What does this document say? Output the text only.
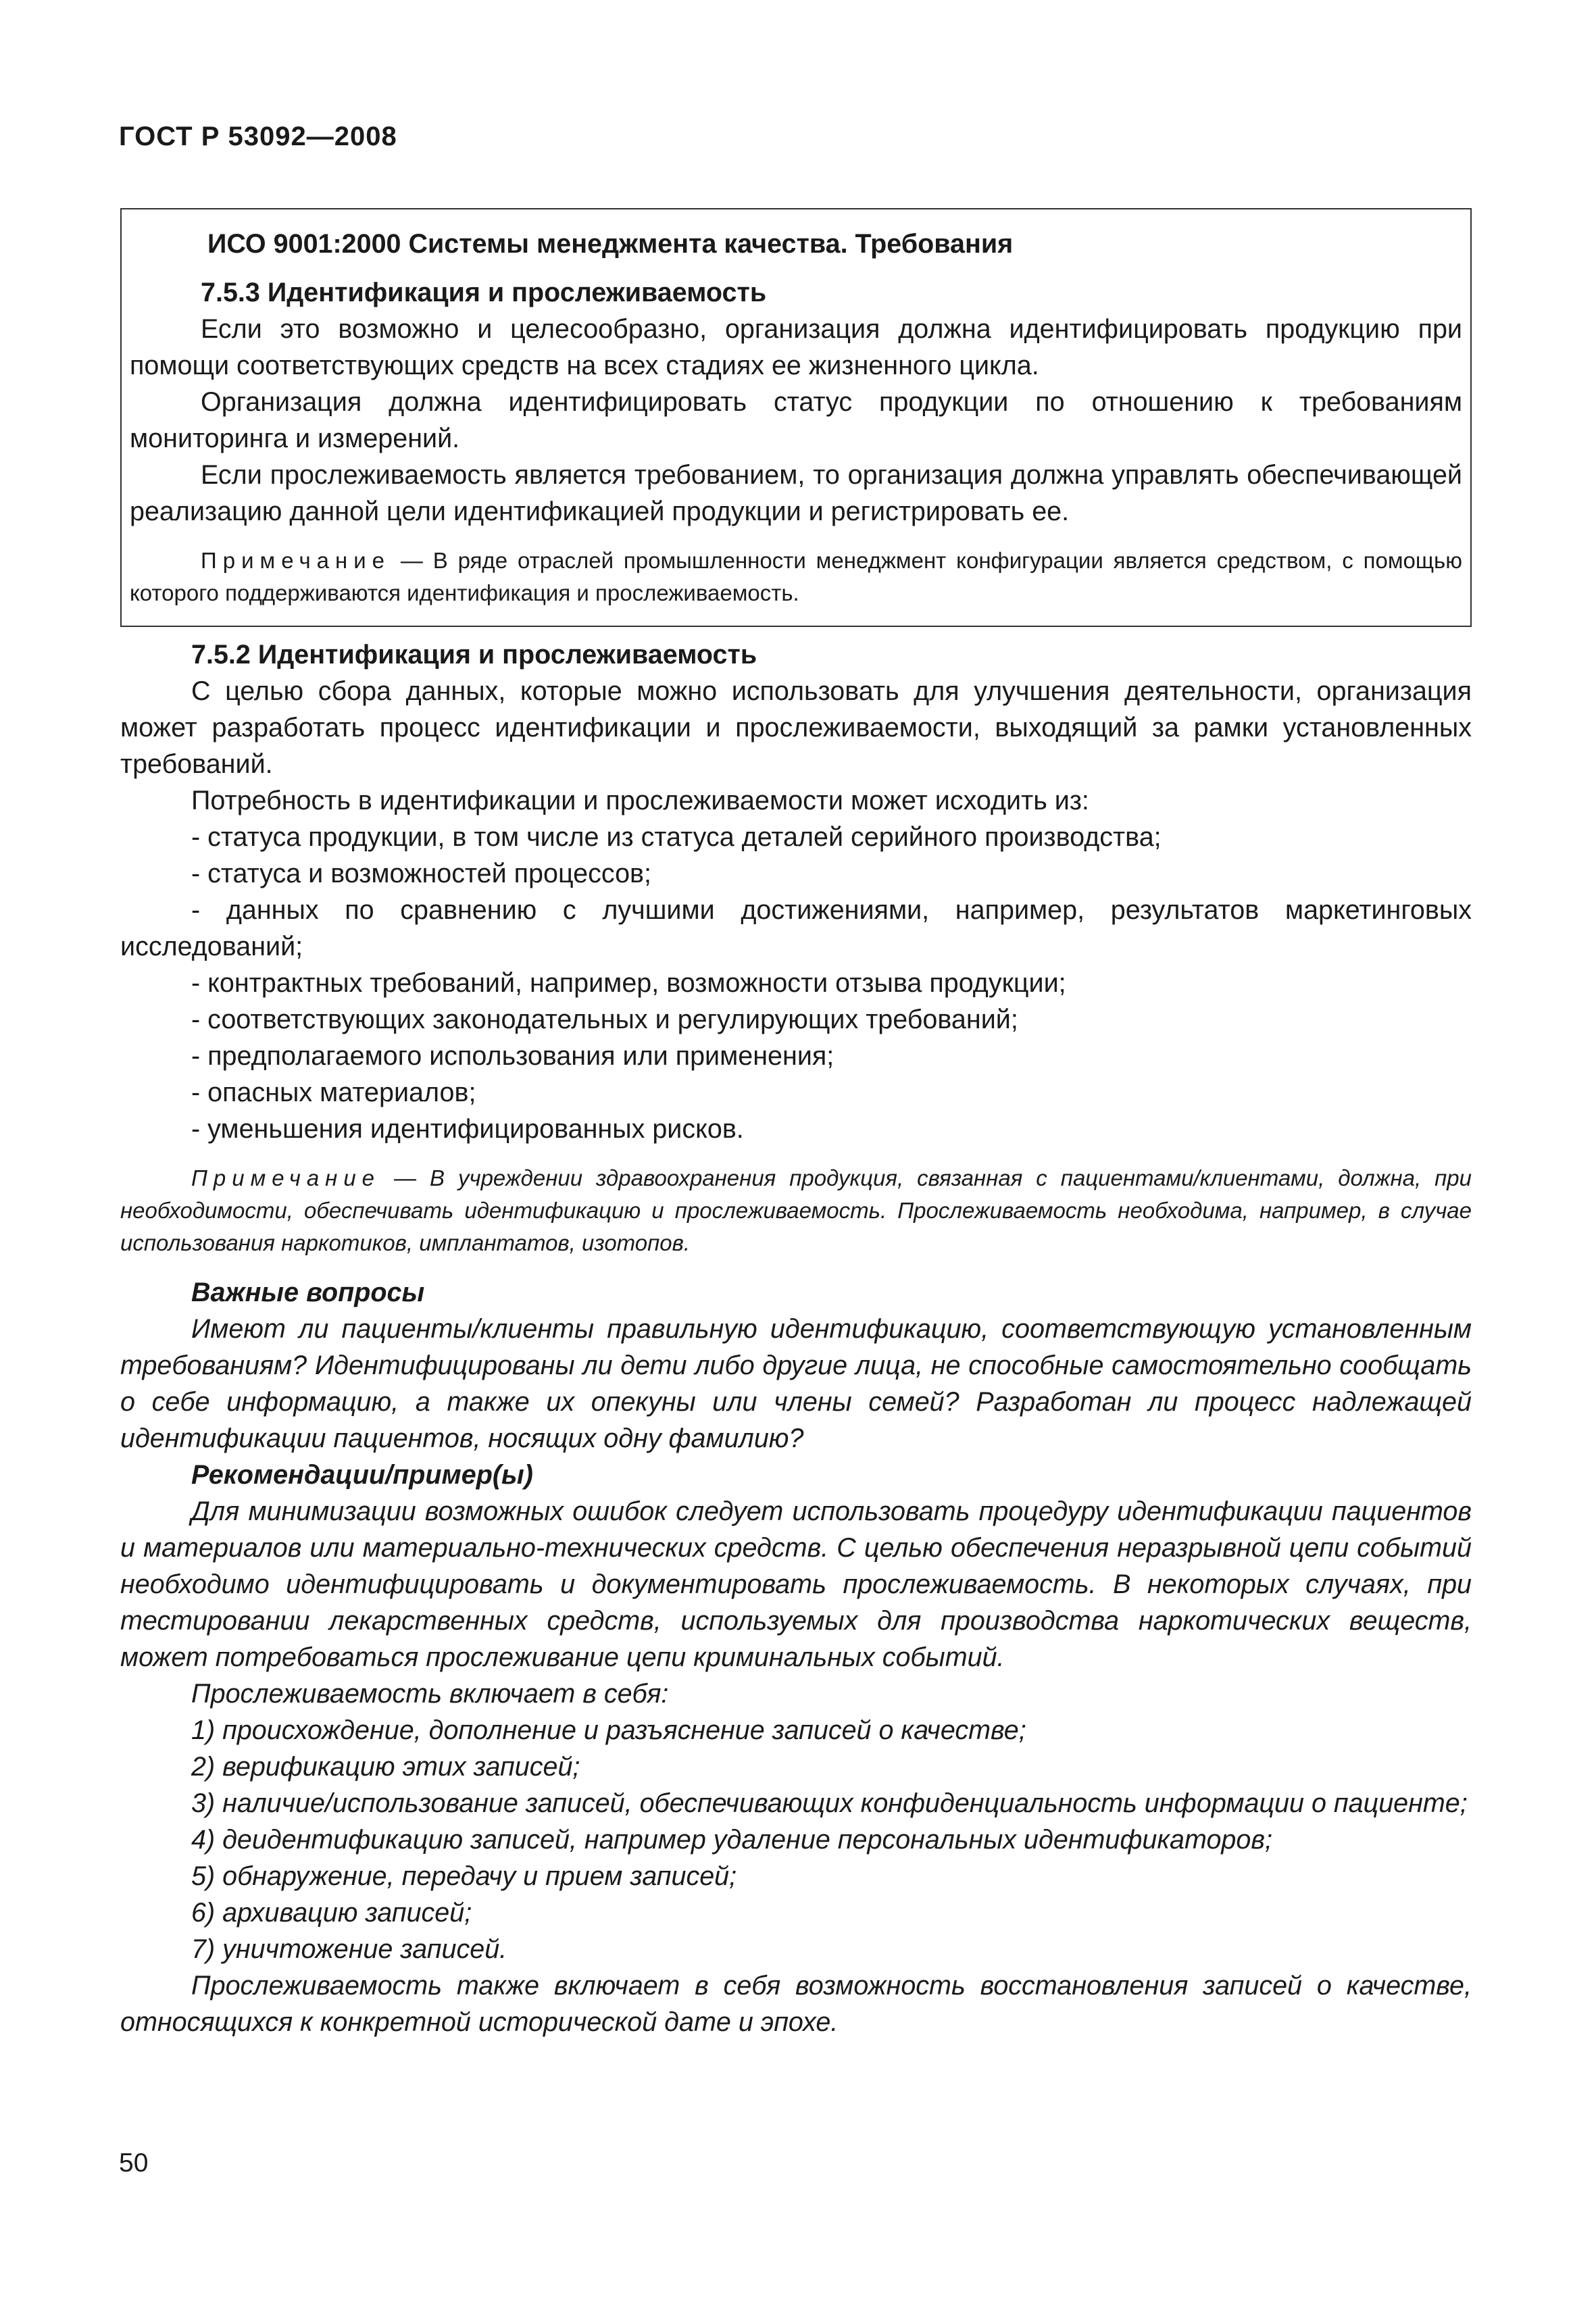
ГОСТ Р 53092—2008

ИСО 9001:2000 Системы менеджмента качества. Требования

7.5.3 Идентификация и прослеживаемость

Если это возможно и целесообразно, организация должна идентифицировать продукцию при помощи соответствующих средств на всех стадиях ее жизненного цикла.

Организация должна идентифицировать статус продукции по отношению к требованиям мониторинга и измерений.

Если прослеживаемость является требованием, то организация должна управлять обеспечивающей реализацию данной цели идентификацией продукции и регистрировать ее.

Примечание — В ряде отраслей промышленности менеджмент конфигурации является средством, с помощью которого поддерживаются идентификация и прослеживаемость.

7.5.2 Идентификация и прослеживаемость

С целью сбора данных, которые можно использовать для улучшения деятельности, организация может разработать процесс идентификации и прослеживаемости, выходящий за рамки установленных требований.

Потребность в идентификации и прослеживаемости может исходить из:

- статуса продукции, в том числе из статуса деталей серийного производства;

- статуса и возможностей процессов;

- данных по сравнению с лучшими достижениями, например, результатов маркетинговых исследований;

- контрактных требований, например, возможности отзыва продукции;

- соответствующих законодательных и регулирующих требований;

- предполагаемого использования или применения;

- опасных материалов;

- уменьшения идентифицированных рисков.

Примечание — В учреждении здравоохранения продукция, связанная с пациентами/клиентами, должна, при необходимости, обеспечивать идентификацию и прослеживаемость. Прослеживаемость необходима, например, в случае использования наркотиков, имплантатов, изотопов.

Важные вопросы

Имеют ли пациенты/клиенты правильную идентификацию, соответствующую установленным требованиям? Идентифицированы ли дети либо другие лица, не способные самостоятельно сообщать о себе информацию, а также их опекуны или члены семей? Разработан ли процесс надлежащей идентификации пациентов, носящих одну фамилию?

Рекомендации/пример(ы)

Для минимизации возможных ошибок следует использовать процедуру идентификации пациентов и материалов или материально-технических средств. С целью обеспечения неразрывной цепи событий необходимо идентифицировать и документировать прослеживаемость. В некоторых случаях, при тестировании лекарственных средств, используемых для производства наркотических веществ, может потребоваться прослеживание цепи криминальных событий.

Прослеживаемость включает в себя:

1) происхождение, дополнение и разъяснение записей о качестве;

2) верификацию этих записей;

3) наличие/использование записей, обеспечивающих конфиденциальность информации о пациенте;

4) деидентификацию записей, например удаление персональных идентификаторов;

5) обнаружение, передачу и прием записей;

6) архивацию записей;

7) уничтожение записей.

Прослеживаемость также включает в себя возможность восстановления записей о качестве, относящихся к конкретной исторической дате и эпохе.

50
